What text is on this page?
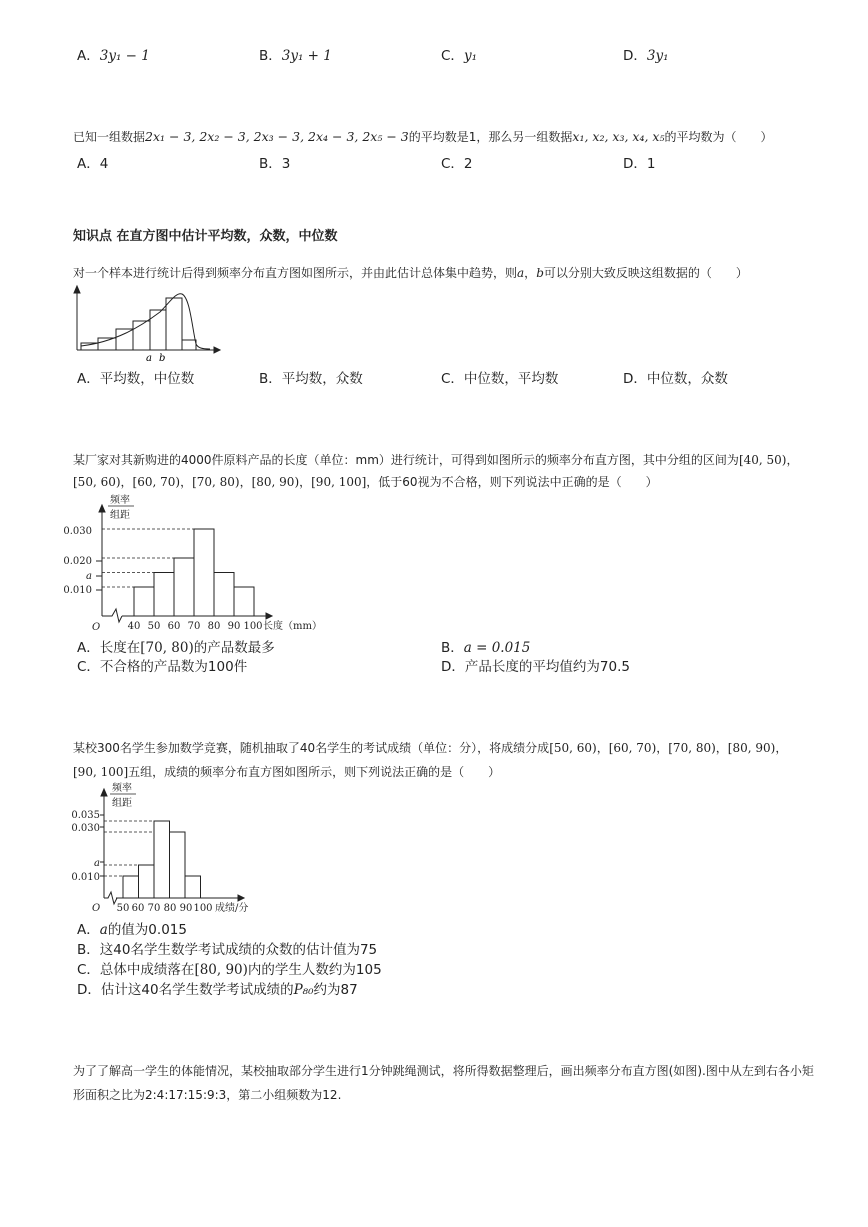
A．3y₁ − 1	B．3y₁ + 1	C．y₁	D．3y₁
已知一组数据2x₁ − 3, 2x₂ − 3, 2x₃ − 3, 2x₄ − 3, 2x₅ − 3的平均数是1，那么另一组数据x₁, x₂, x₃, x₄, x₅的平均数为（　　）
A．4	B．3	C．2	D．1
知识点 在直方图中估计平均数，众数，中位数
对一个样本进行统计后得到频率分布直方图如图所示，并由此估计总体集中趋势，则a，b可以分别大致反映这组数据的（　　）
a b
A．平均数，中位数	B．平均数，众数	C．中位数，平均数	D．中位数，众数
某厂家对其新购进的4000件原料产品的长度（单位：mm）进行统计，可得到如图所示的频率分布直方图，其中分组的区间为[40, 50)，
[50, 60)，[60, 70)，[70, 80)，[80, 90)，[90, 100]，低于60视为不合格，则下列说法中正确的是（　　）
0.030
0.020
a
0.010
O	40 50 60 70 80 90 100 长度（mm）
频率
组距
A．长度在[70, 80)的产品数最多	B．a = 0.015
C．不合格的产品数为100件	D．产品长度的平均值约为70.5
某校300名学生参加数学竞赛，随机抽取了40名学生的考试成绩（单位：分），将成绩分成[50, 60)，[60, 70)，[70, 80)，[80, 90)，
[90, 100]五组，成绩的频率分布直方图如图所示，则下列说法正确的是（　　）
0.035
0.030
a
0.010
O 50 60 70 80 90 100 成绩/分
频率
组距
A．a的值为0.015
B．这40名学生数学考试成绩的众数的估计值为75
C．总体中成绩落在[80, 90)内的学生人数约为105
D．估计这40名学生数学考试成绩的P₈₀约为87
为了了解高一学生的体能情况，某校抽取部分学生进行1分钟跳绳测试，将所得数据整理后，画出频率分布直方图(如图).图中从左到右各小矩
形面积之比为2:4:17:15:9:3，第二小组频数为12.
